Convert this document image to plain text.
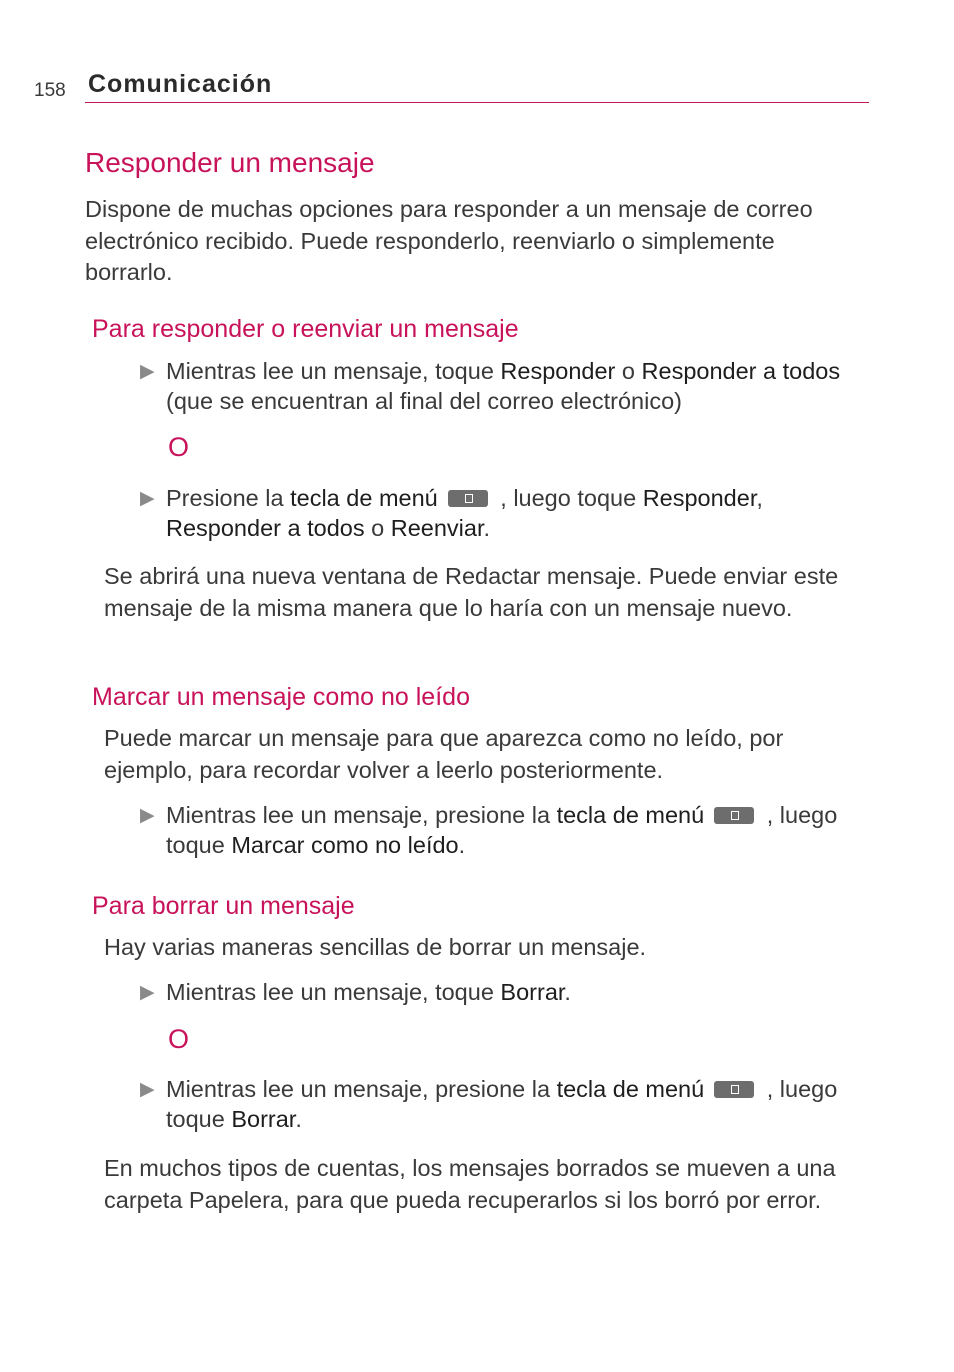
158 Comunicación
Responder un mensaje
Dispone de muchas opciones para responder a un mensaje de correo electrónico recibido. Puede responderlo, reenviarlo o simplemente borrarlo.
Para responder o reenviar un mensaje
▶ Mientras lee un mensaje, toque Responder o Responder a todos (que se encuentran al final del correo electrónico)
O
▶ Presione la tecla de menú , luego toque Responder, Responder a todos o Reenviar.
Se abrirá una nueva ventana de Redactar mensaje. Puede enviar este mensaje de la misma manera que lo haría con un mensaje nuevo.
Marcar un mensaje como no leído
Puede marcar un mensaje para que aparezca como no leído, por ejemplo, para recordar volver a leerlo posteriormente.
▶ Mientras lee un mensaje, presione la tecla de menú , luego toque Marcar como no leído.
Para borrar un mensaje
Hay varias maneras sencillas de borrar un mensaje.
▶ Mientras lee un mensaje, toque Borrar.
O
▶ Mientras lee un mensaje, presione la tecla de menú , luego toque Borrar.
En muchos tipos de cuentas, los mensajes borrados se mueven a una carpeta Papelera, para que pueda recuperarlos si los borró por error.
